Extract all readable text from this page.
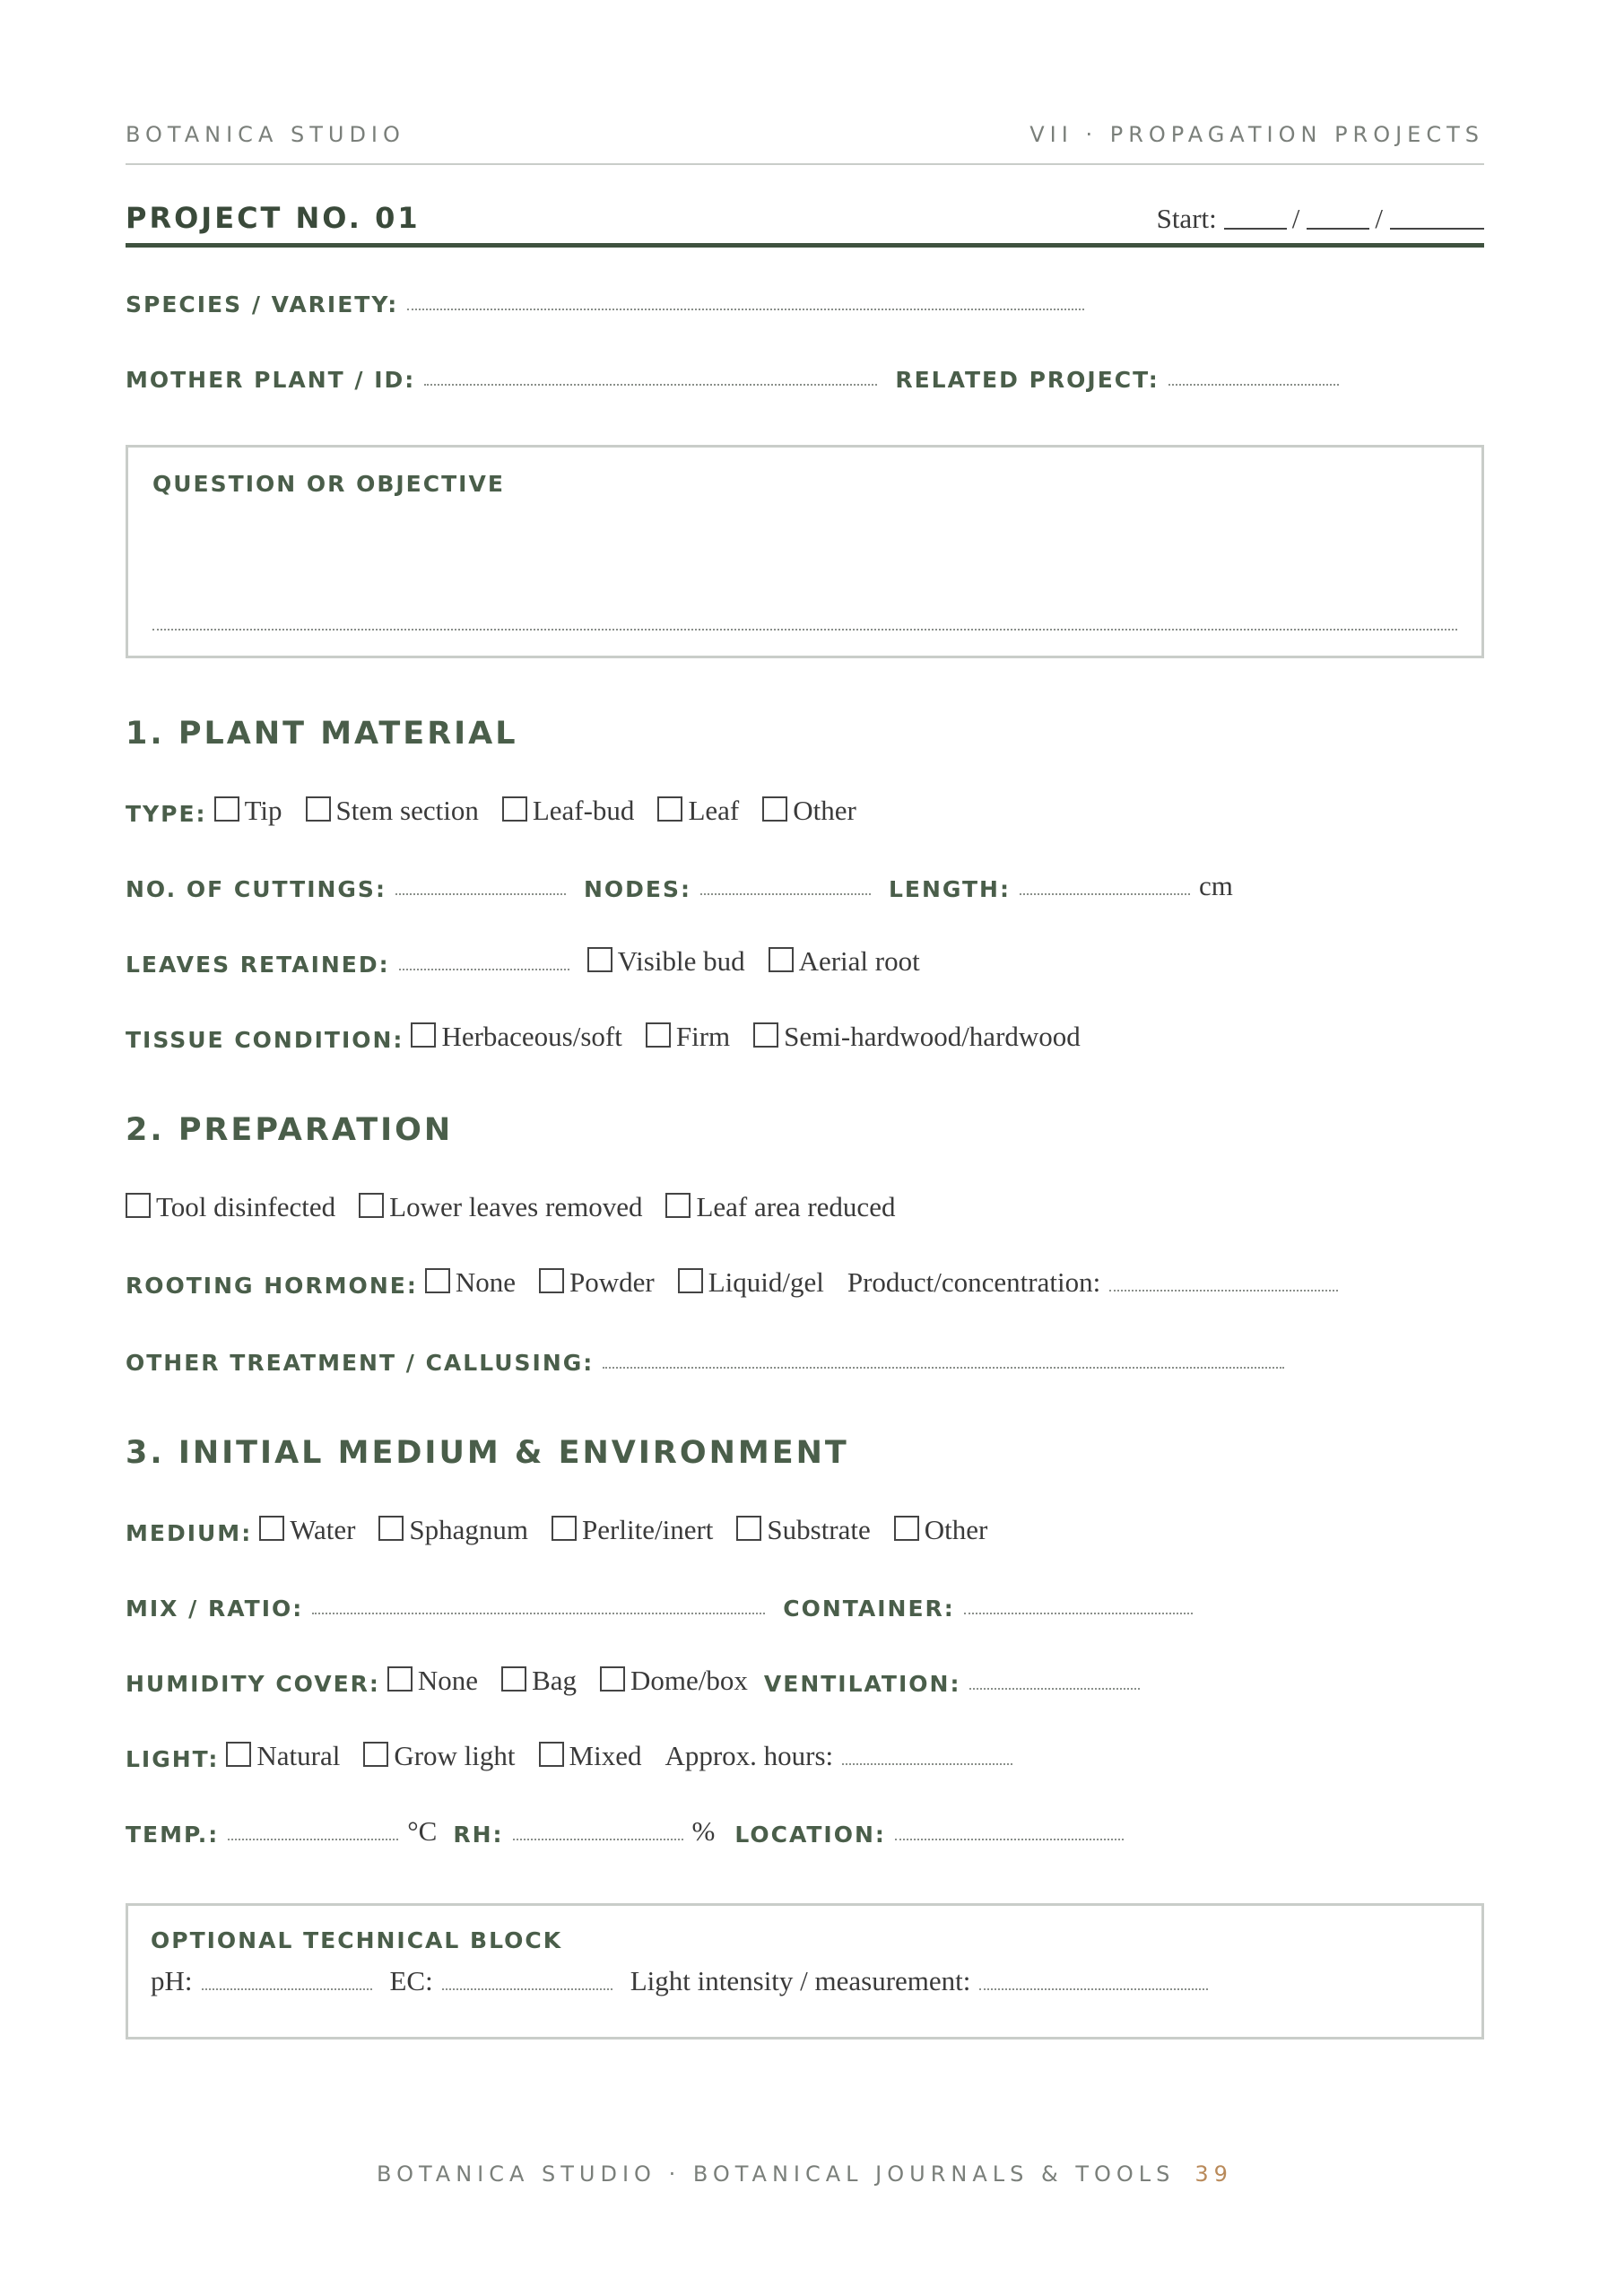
BOTANICA STUDIO	VII · PROPAGATION PROJECTS
PROJECT NO. 01	Start:	/	/
SPECIES / VARIETY:
MOTHER PLANT / ID:	RELATED PROJECT:
QUESTION OR OBJECTIVE
1. PLANT MATERIAL
TYPE: Tip Stem section Leaf-bud Leaf Other
NO. OF CUTTINGS:	NODES:	LENGTH:	cm
LEAVES RETAINED:	Visible bud Aerial root
TISSUE CONDITION: Herbaceous/soft Firm Semi-hardwood/hardwood
2. PREPARATION
Tool disinfected Lower leaves removed Leaf area reduced
ROOTING HORMONE: None Powder Liquid/gel Product/concentration:
OTHER TREATMENT / CALLUSING:
3. INITIAL MEDIUM & ENVIRONMENT
MEDIUM: Water Sphagnum Perlite/inert Substrate Other
MIX / RATIO:	CONTAINER:
HUMIDITY COVER: None Bag Dome/box VENTILATION:
LIGHT: Natural Grow light Mixed Approx. hours:
TEMP.:	°C RH:	% LOCATION:
OPTIONAL TECHNICAL BLOCK
pH:	EC:	Light intensity / measurement:
BOTANICA STUDIO · BOTANICAL JOURNALS & TOOLS 39
